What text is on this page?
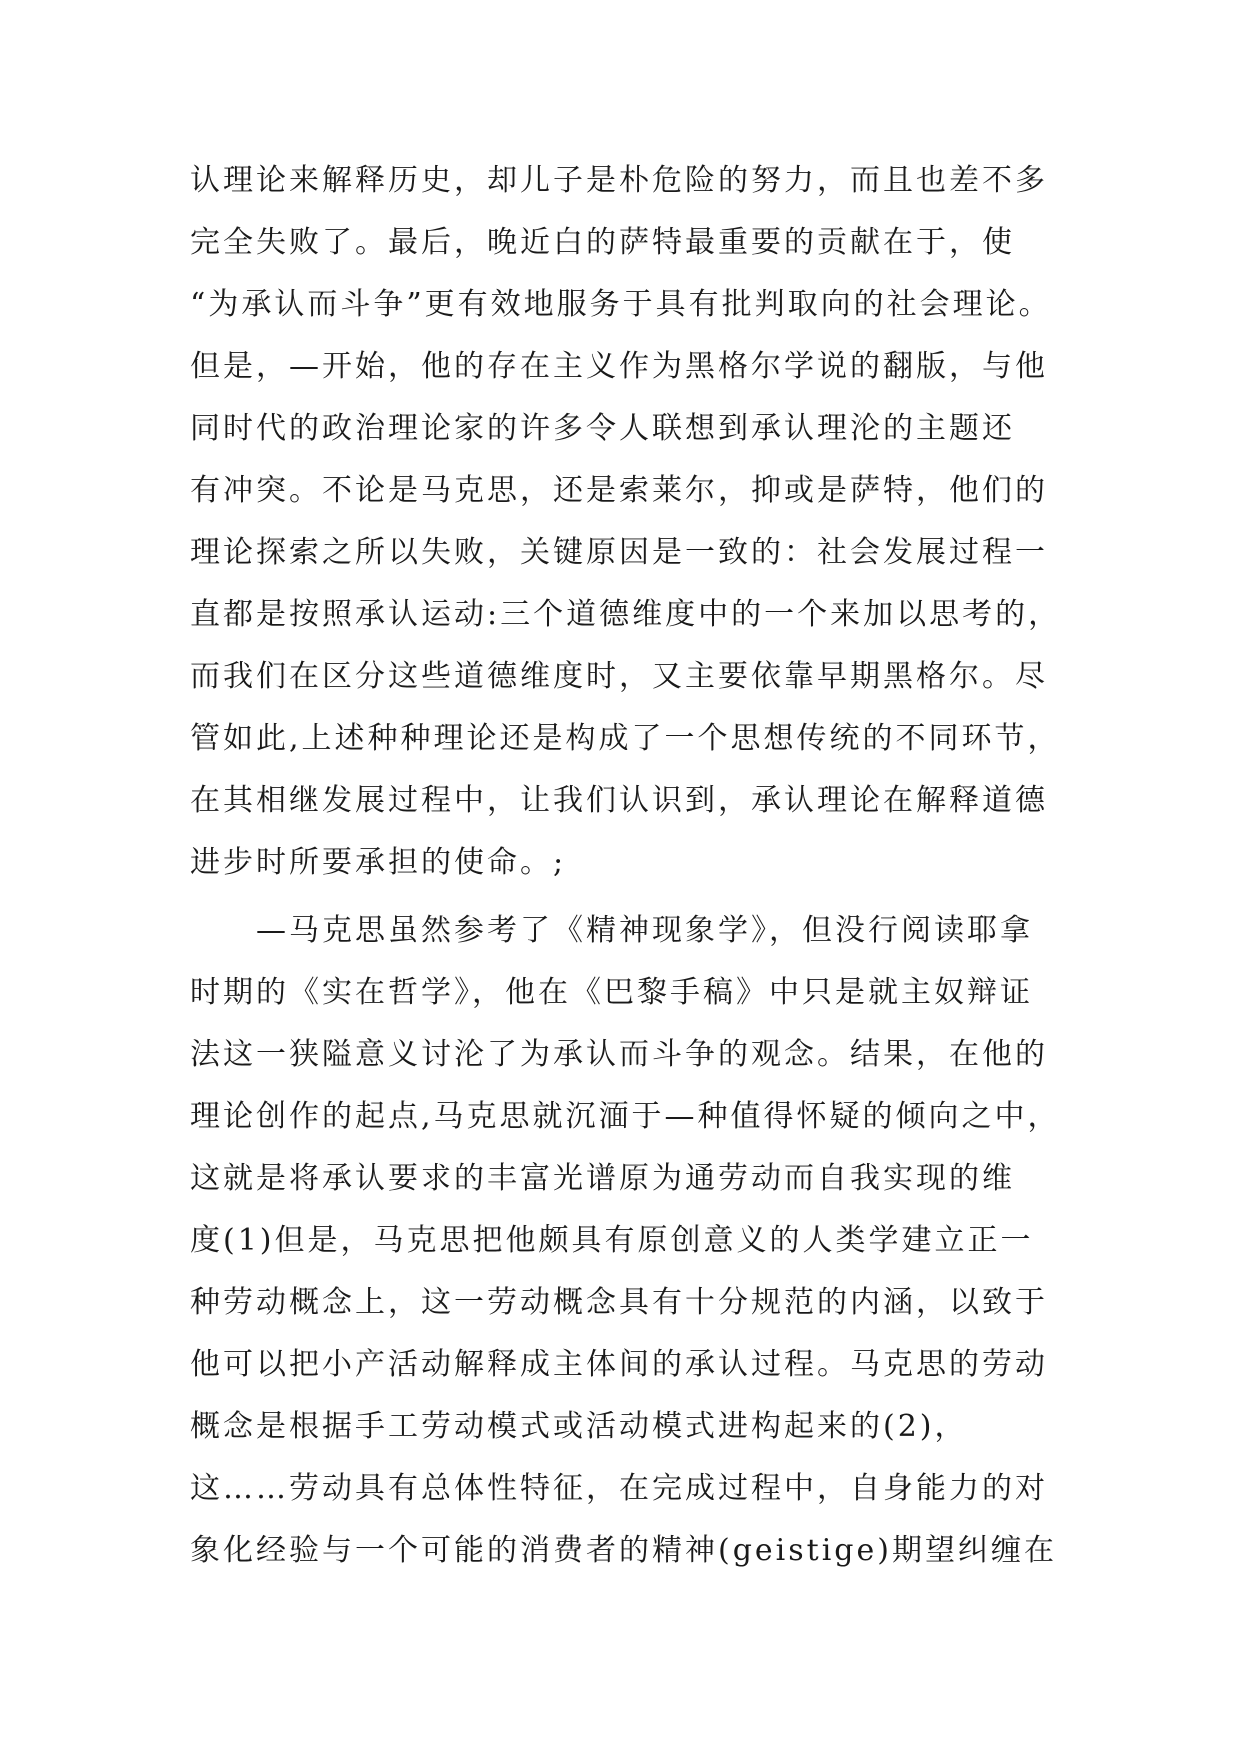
认理论来解释历史，却儿子是朴危险的努力，而且也差不多
完全失败了。最后，晚近白的萨特最重要的贡献在于，使
“为承认而斗争”更有效地服务于具有批判取向的社会理论。
但是，—开始，他的存在主义作为黑格尔学说的翻版，与他
同时代的政治理论家的许多令人联想到承认理沦的主题还
有冲突。不论是马克思，还是索莱尔，抑或是萨特，他们的
理论探索之所以失败，关键原因是一致的：社会发展过程一
直都是按照承认运动:三个道德维度中的一个来加以思考的，
而我们在区分这些道德维度时，又主要依靠早期黑格尔。尽
管如此,上述种种理论还是构成了一个思想传统的不同环节，
在其相继发展过程中，让我们认识到，承认理论在解释道德
进步时所要承担的使命。;
　　—马克思虽然参考了《精神现象学》，但没行阅读耶拿
时期的《实在哲学》，他在《巴黎手稿》中只是就主奴辩证
法这一狭隘意义讨沦了为承认而斗争的观念。结果，在他的
理论创作的起点,马克思就沉湎于—种值得怀疑的倾向之中，
这就是将承认要求的丰富光谱原为通劳动而自我实现的维
度(1)但是，马克思把他颇具有原创意义的人类学建立正一
种劳动概念上，这一劳动概念具有十分规范的内涵，以致于
他可以把小产活动解释成主体间的承认过程。马克思的劳动
概念是根据手工劳动模式或活动模式进构起来的(2)，
这……劳动具有总体性特征，在完成过程中，自身能力的对
象化经验与一个可能的消费者的精神(geistige)期望纠缠在
